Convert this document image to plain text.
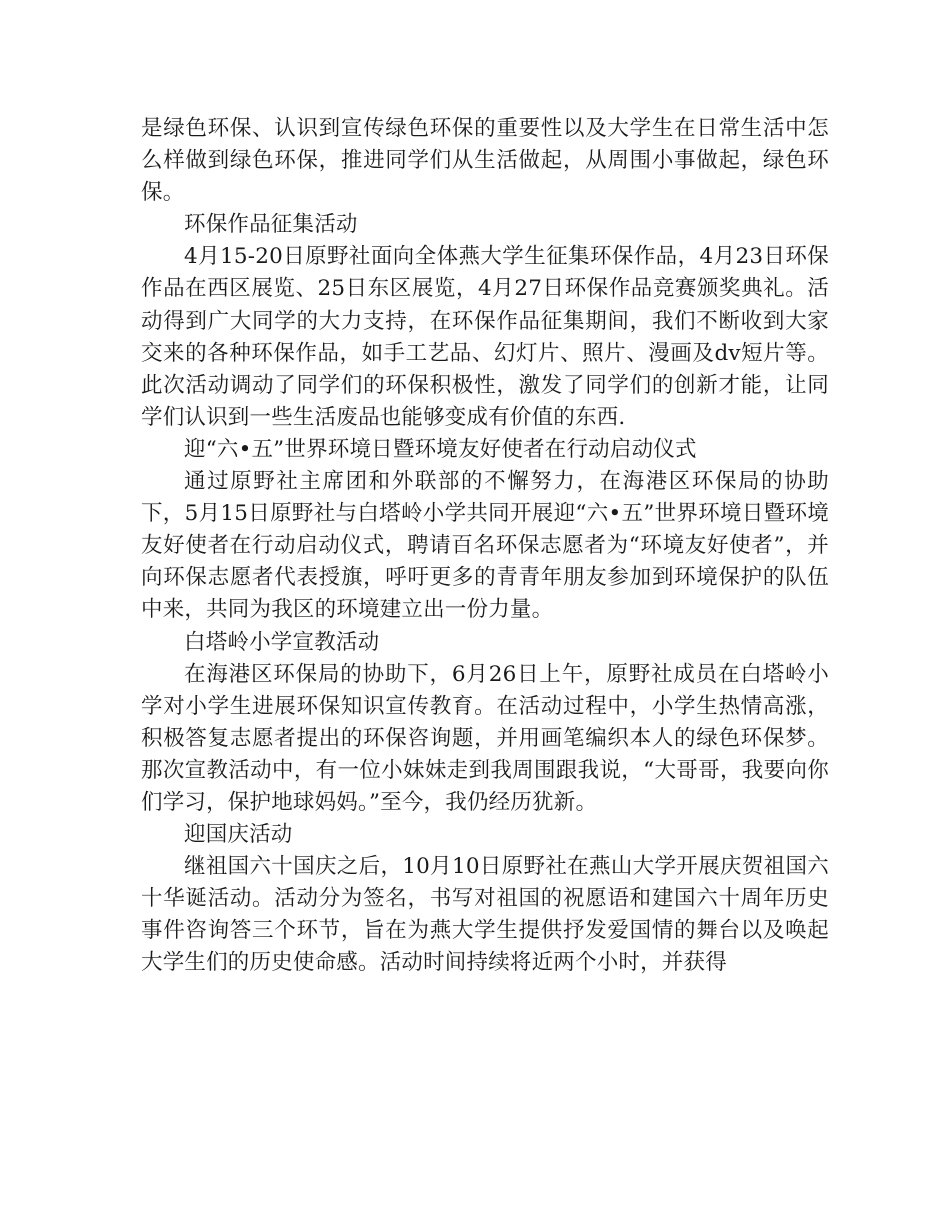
是绿色环保、认识到宣传绿色环保的重要性以及大学生在日常生活中怎么样做到绿色环保，推进同学们从生活做起，从周围小事做起，绿色环保。

环保作品征集活动

4月15-20日原野社面向全体燕大学生征集环保作品，4月23日环保作品在西区展览、25日东区展览，4月27日环保作品竞赛颁奖典礼。活动得到广大同学的大力支持，在环保作品征集期间，我们不断收到大家交来的各种环保作品，如手工艺品、幻灯片、照片、漫画及dv短片等。此次活动调动了同学们的环保积极性，激发了同学们的创新才能，让同学们认识到一些生活废品也能够变成有价值的东西.

迎“六•五”世界环境日暨环境友好使者在行动启动仪式

通过原野社主席团和外联部的不懈努力，在海港区环保局的协助下，5月15日原野社与白塔岭小学共同开展迎“六•五”世界环境日暨环境友好使者在行动启动仪式，聘请百名环保志愿者为“环境友好使者”，并向环保志愿者代表授旗，呼吁更多的青青年朋友参加到环境保护的队伍中来，共同为我区的环境建立出一份力量。

白塔岭小学宣教活动

在海港区环保局的协助下，6月26日上午，原野社成员在白塔岭小学对小学生进展环保知识宣传教育。在活动过程中，小学生热情高涨，积极答复志愿者提出的环保咨询题，并用画笔编织本人的绿色环保梦。那次宣教活动中，有一位小妹妹走到我周围跟我说，“大哥哥，我要向你们学习，保护地球妈妈。”至今，我仍经历犹新。

迎国庆活动

继祖国六十国庆之后，10月10日原野社在燕山大学开展庆贺祖国六十华诞活动。活动分为签名，书写对祖国的祝愿语和建国六十周年历史事件咨询答三个环节，旨在为燕大学生提供抒发爱国情的舞台以及唤起大学生们的历史使命感。活动时间持续将近两个小时，并获得
